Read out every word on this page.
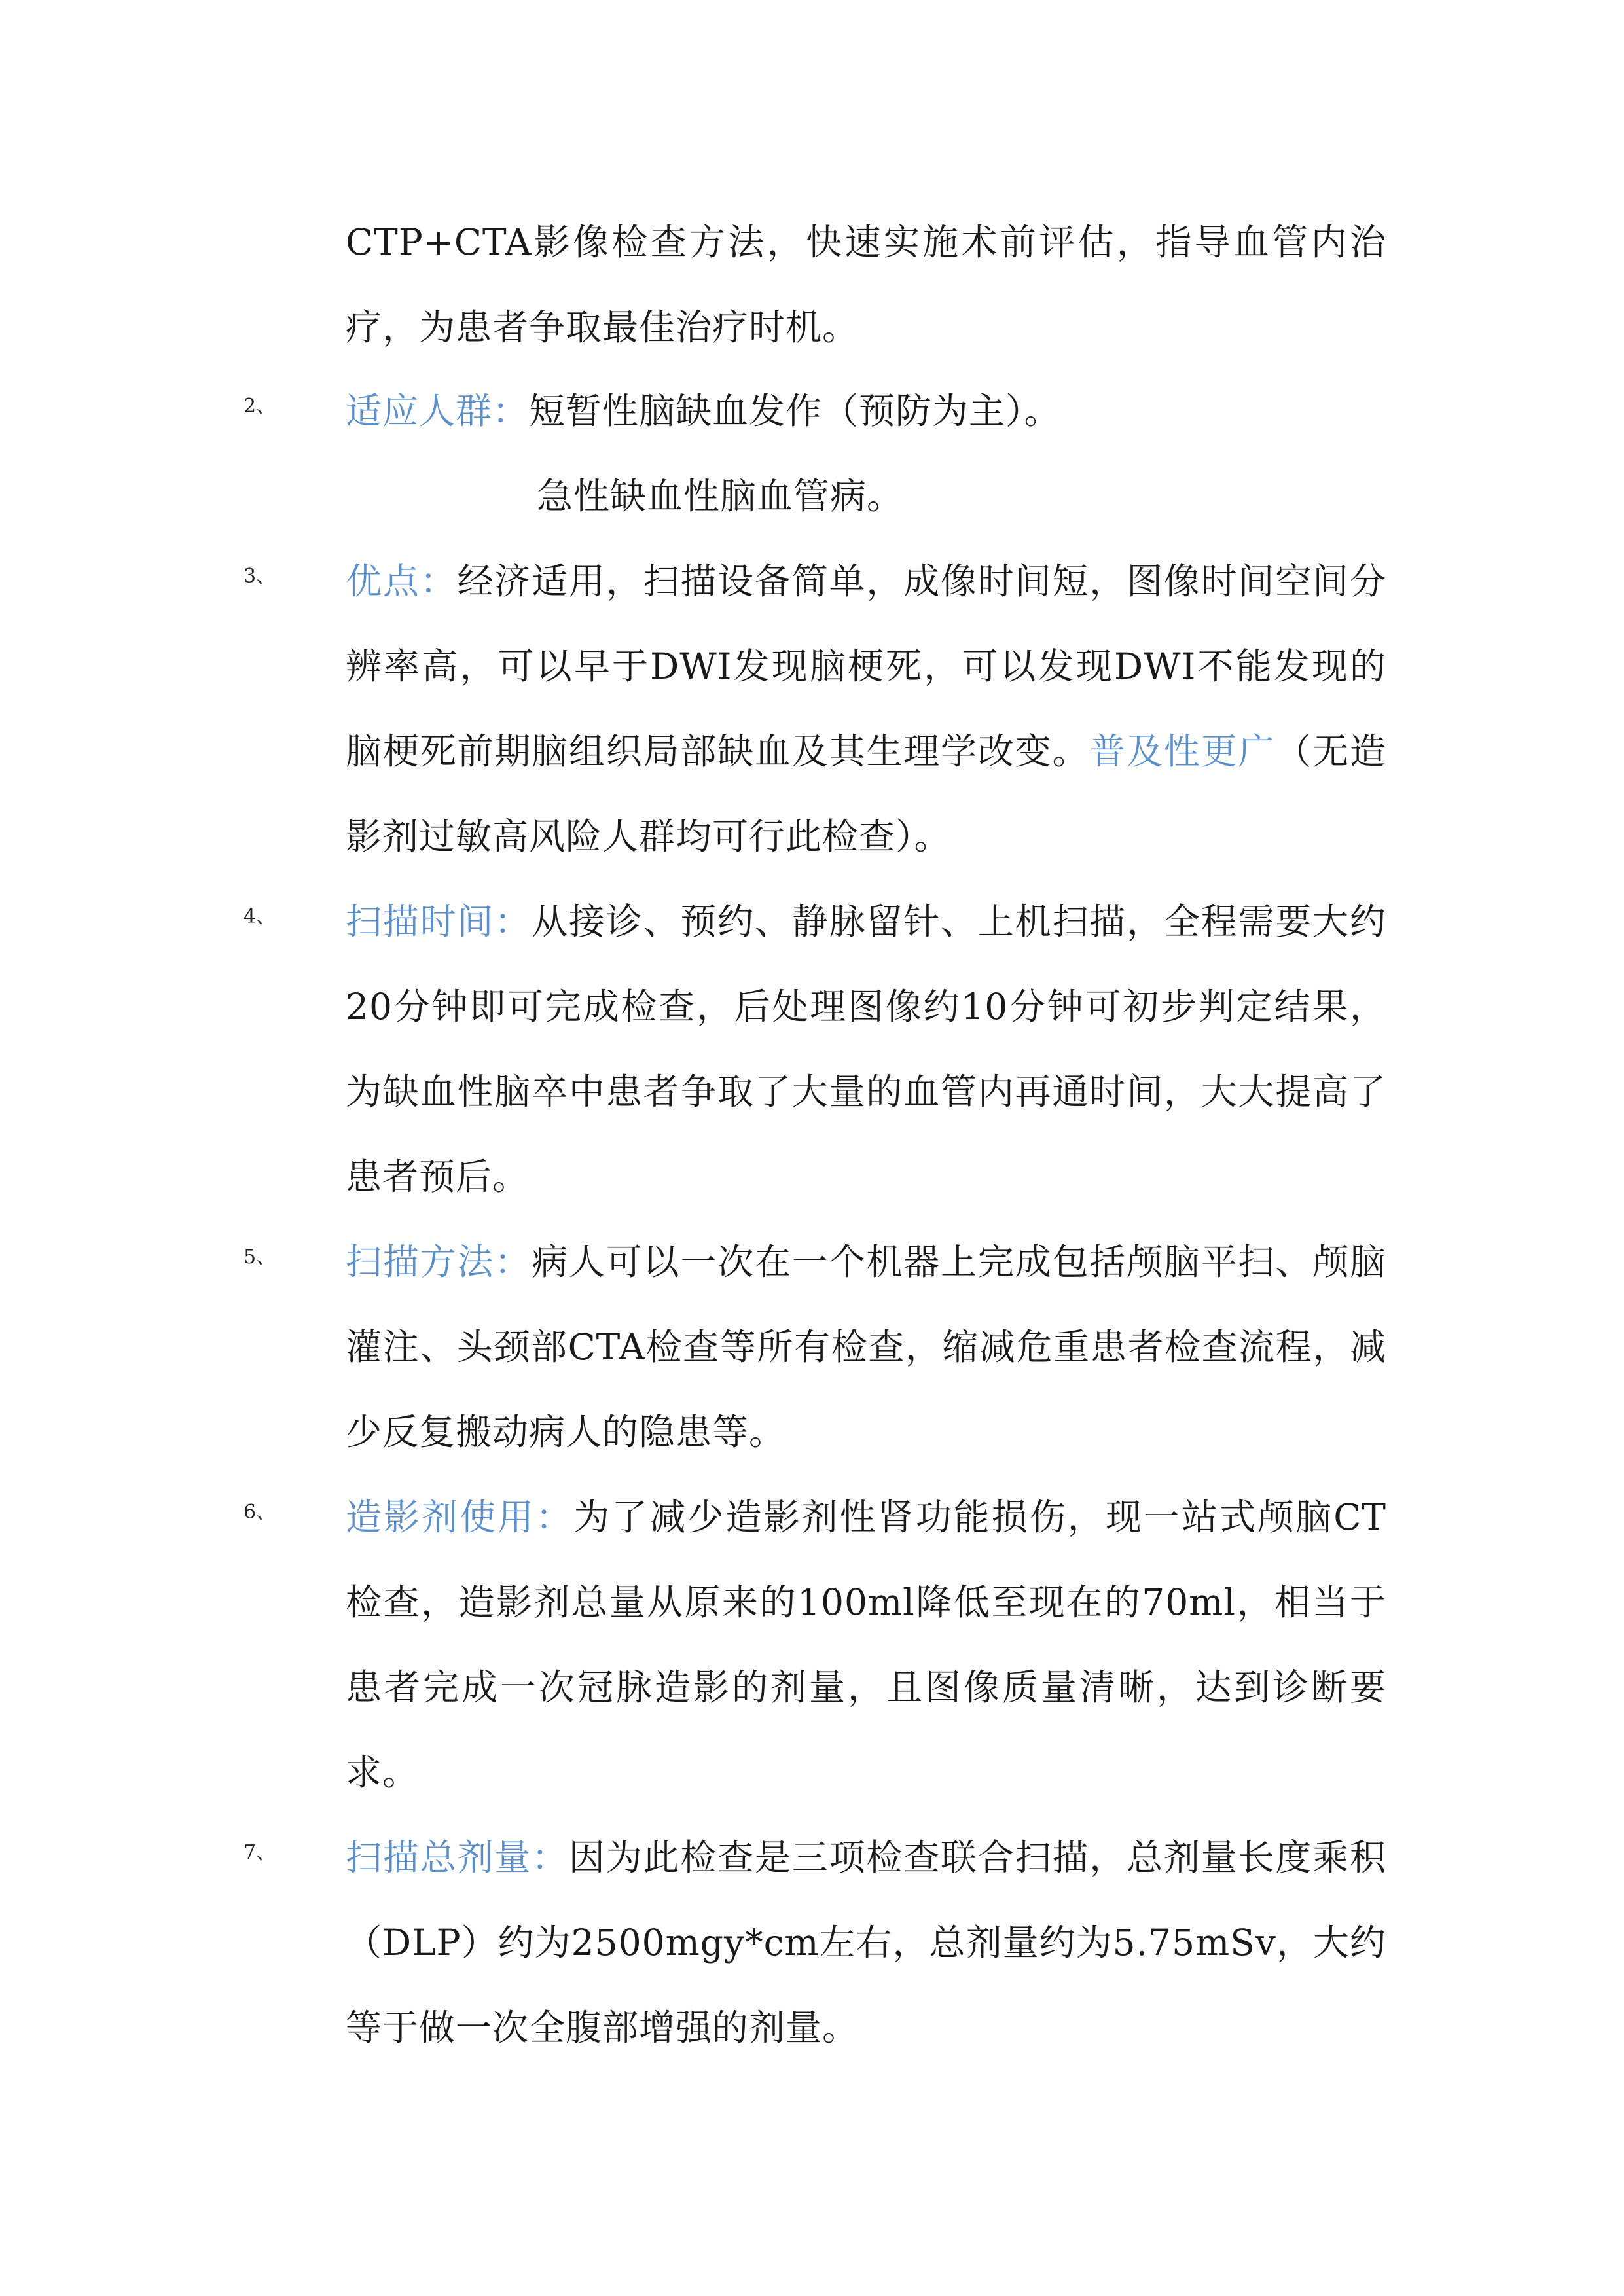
CTP+CTA影像检查方法，快速实施术前评估，指导血管内治疗，为患者争取最佳治疗时机。
2、 适应人群：短暂性脑缺血发作（预防为主）。
急性缺血性脑血管病。
3、 优点：经济适用，扫描设备简单，成像时间短，图像时间空间分辨率高，可以早于DWI发现脑梗死，可以发现DWI不能发现的脑梗死前期脑组织局部缺血及其生理学改变。普及性更广（无造影剂过敏高风险人群均可行此检查）。
4、 扫描时间：从接诊、预约、静脉留针、上机扫描，全程需要大约20分钟即可完成检查，后处理图像约10分钟可初步判定结果，为缺血性脑卒中患者争取了大量的血管内再通时间，大大提高了患者预后。
5、 扫描方法：病人可以一次在一个机器上完成包括颅脑平扫、颅脑灌注、头颈部CTA检查等所有检查，缩减危重患者检查流程，减少反复搬动病人的隐患等。
6、 造影剂使用：为了减少造影剂性肾功能损伤，现一站式颅脑CT检查，造影剂总量从原来的100ml降低至现在的70ml，相当于患者完成一次冠脉造影的剂量，且图像质量清晰，达到诊断要求。
7、 扫描总剂量：因为此检查是三项检查联合扫描，总剂量长度乘积（DLP）约为2500mgy*cm左右，总剂量约为5.75mSv，大约等于做一次全腹部增强的剂量。
